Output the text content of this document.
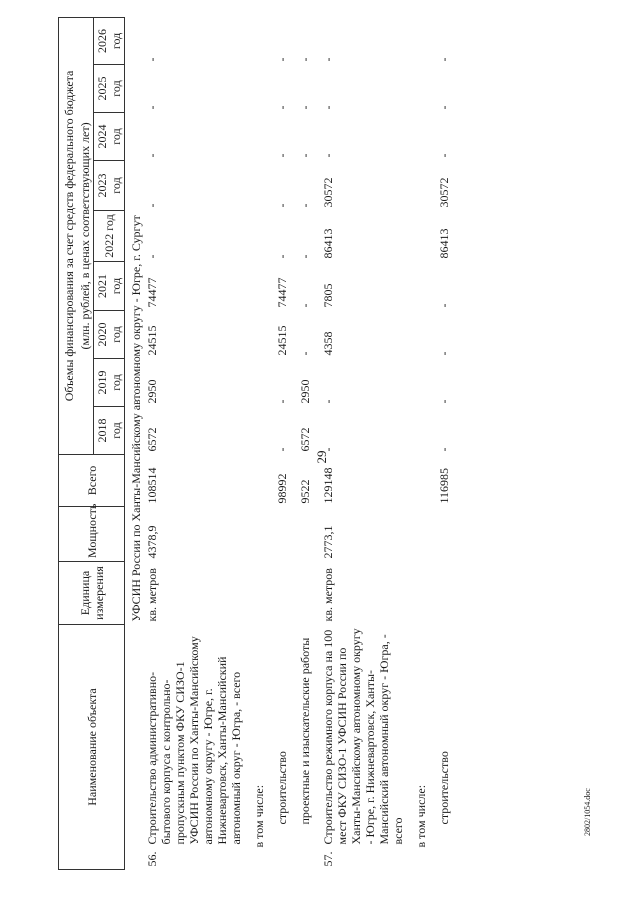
29
2802/1054.doc
Наименование объекта	Единица измерения	Мощность	Всего	Объемы финансирования за счет средств федерального бюджета								
				(млн. рублей, в ценах соответствующих лет)								
				2018 год	2019 год	2020 год	2021 год	2022 год	2023 год	2024 год	2025 год	2026 год
	УФСИН России по Ханты-Мансийскому автономному округу - Югре, г. Сургут											

56.
Строительство административно-бытового корпуса с контрольно-пропускным пунктом ФКУ СИЗО-1 УФСИН России по Ханты-Мансийскому автономному округу - Югре, г. Нижневартовск, Ханты-Мансийский автономный округ - Югра, - всего	кв. метров	4378,9	108514	6572	2950	24515	74477	-	-	-	-	-

в том числе:												

строительство			98992	-	-	24515	74477	-	-	-	-	-

проектные и изыскательские работы			9522	6572	2950	-	-	-	-	-	-	-

57.
Строительство режимного корпуса на 100 мест ФКУ СИЗО-1 УФСИН России по Ханты-Мансийскому автономному округу - Югре, г. Нижневартовск, Ханты-Мансийский автономный округ - Югра, - всего	кв. метров	2773,1	129148	-	-	4358	7805	86413	30572	-	-	-

в том числе:												

строительство			116985	-	-	-	-	86413	30572	-	-	-
